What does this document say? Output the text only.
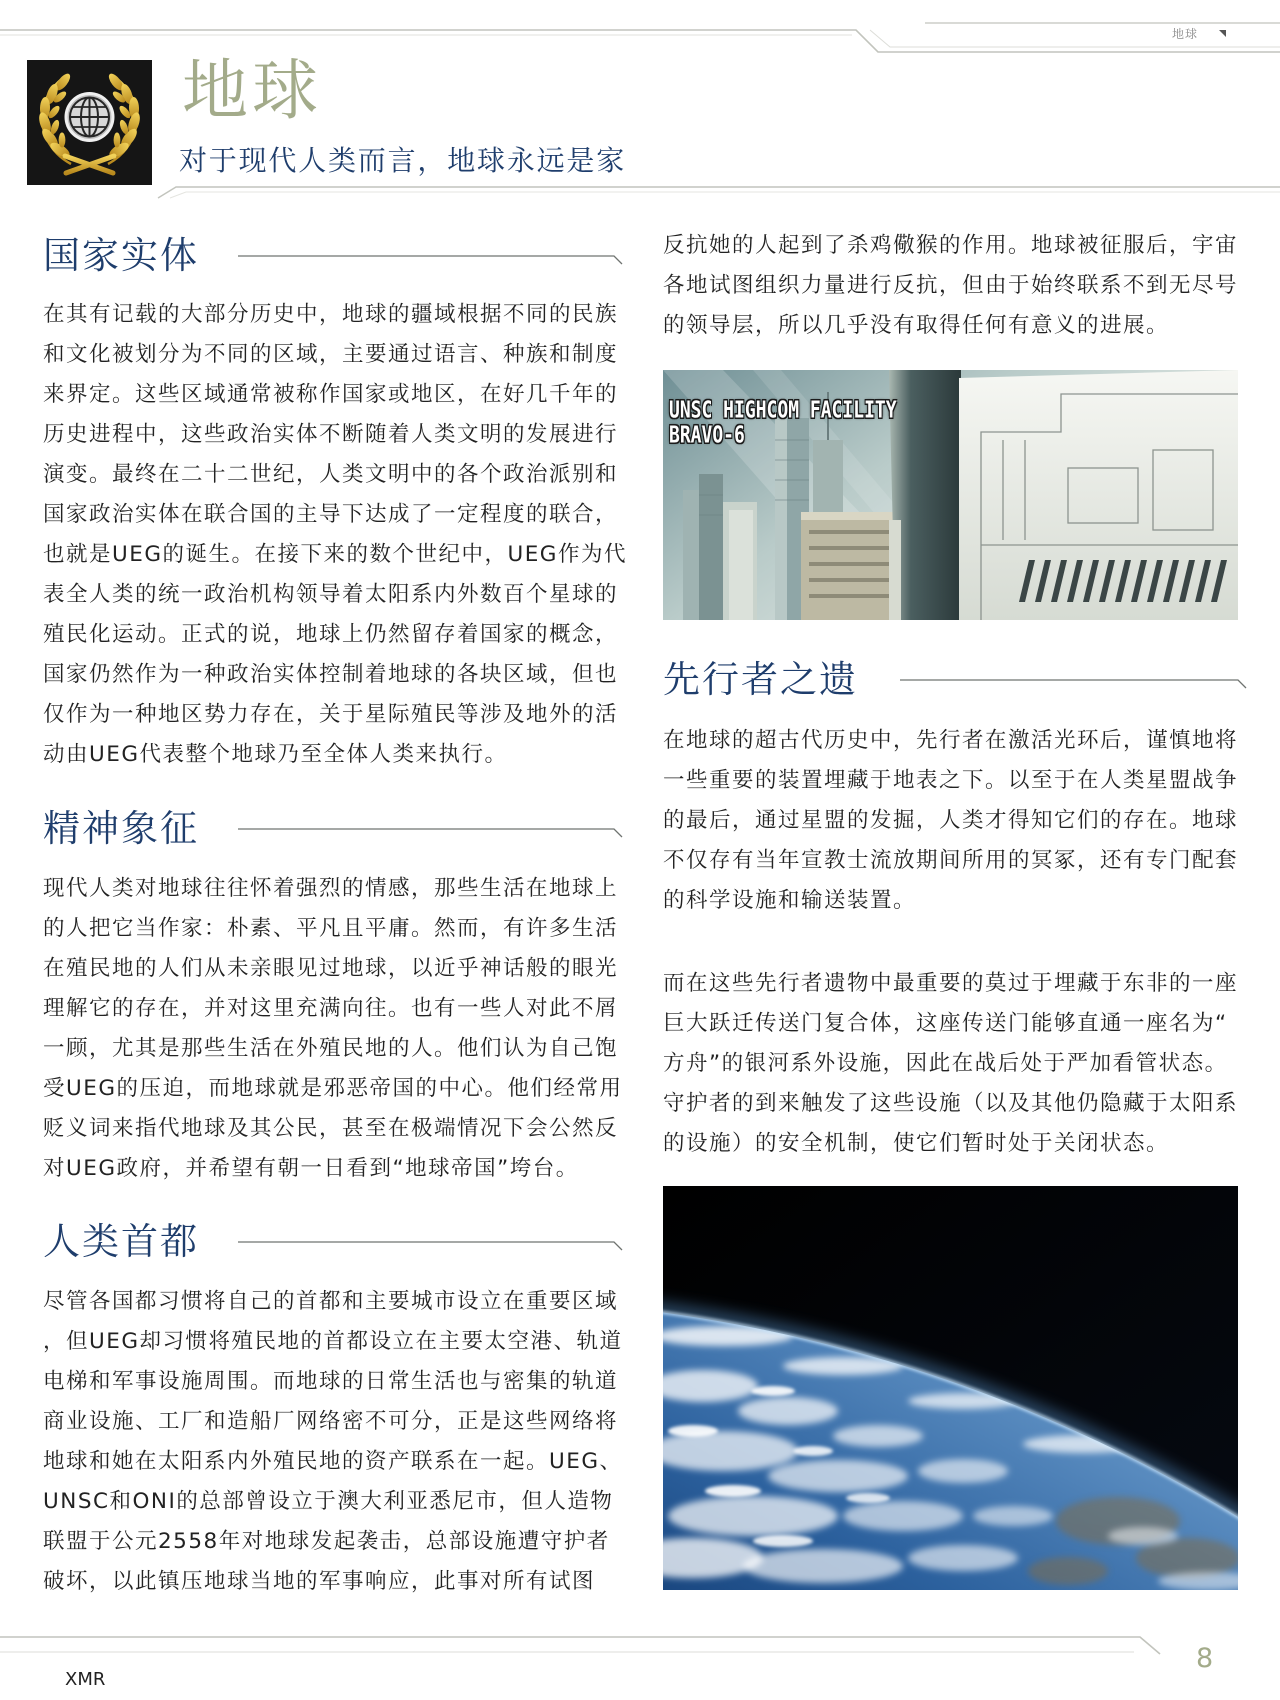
地球
地球
对于现代人类而言，地球永远是家
国家实体
在其有记载的大部分历史中，地球的疆域根据不同的民族
和文化被划分为不同的区域，主要通过语言、种族和制度
来界定。这些区域通常被称作国家或地区，在好几千年的
历史进程中，这些政治实体不断随着人类文明的发展进行
演变。最终在二十二世纪，人类文明中的各个政治派别和
国家政治实体在联合国的主导下达成了一定程度的联合，
也就是UEG的诞生。在接下来的数个世纪中，UEG作为代
表全人类的统一政治机构领导着太阳系内外数百个星球的
殖民化运动。正式的说，地球上仍然留存着国家的概念，
国家仍然作为一种政治实体控制着地球的各块区域，但也
仅作为一种地区势力存在，关于星际殖民等涉及地外的活
动由UEG代表整个地球乃至全体人类来执行。
精神象征
现代人类对地球往往怀着强烈的情感，那些生活在地球上
的人把它当作家：朴素、平凡且平庸。然而，有许多生活
在殖民地的人们从未亲眼见过地球，以近乎神话般的眼光
理解它的存在，并对这里充满向往。也有一些人对此不屑
一顾，尤其是那些生活在外殖民地的人。他们认为自己饱
受UEG的压迫，而地球就是邪恶帝国的中心。他们经常用
贬义词来指代地球及其公民，甚至在极端情况下会公然反
对UEG政府，并希望有朝一日看到“地球帝国”垮台。
人类首都
尽管各国都习惯将自己的首都和主要城市设立在重要区域
，但UEG却习惯将殖民地的首都设立在主要太空港、轨道
电梯和军事设施周围。而地球的日常生活也与密集的轨道
商业设施、工厂和造船厂网络密不可分，正是这些网络将
地球和她在太阳系内外殖民地的资产联系在一起。UEG、
UNSC和ONI的总部曾设立于澳大利亚悉尼市，但人造物
联盟于公元2558年对地球发起袭击，总部设施遭守护者
破坏，以此镇压地球当地的军事响应，此事对所有试图
反抗她的人起到了杀鸡儆猴的作用。地球被征服后，宇宙
各地试图组织力量进行反抗，但由于始终联系不到无尽号
的领导层，所以几乎没有取得任何有意义的进展。
UNSC HIGHCOM FACILITY
BRAVO-6
先行者之遗
在地球的超古代历史中，先行者在激活光环后，谨慎地将
一些重要的装置埋藏于地表之下。以至于在人类星盟战争
的最后，通过星盟的发掘，人类才得知它们的存在。地球
不仅存有当年宣教士流放期间所用的冥冢，还有专门配套
的科学设施和输送装置。
而在这些先行者遗物中最重要的莫过于埋藏于东非的一座
巨大跃迁传送门复合体，这座传送门能够直通一座名为“
方舟”的银河系外设施，因此在战后处于严加看管状态。
守护者的到来触发了这些设施（以及其他仍隐藏于太阳系
的设施）的安全机制，使它们暂时处于关闭状态。
8
XMR
